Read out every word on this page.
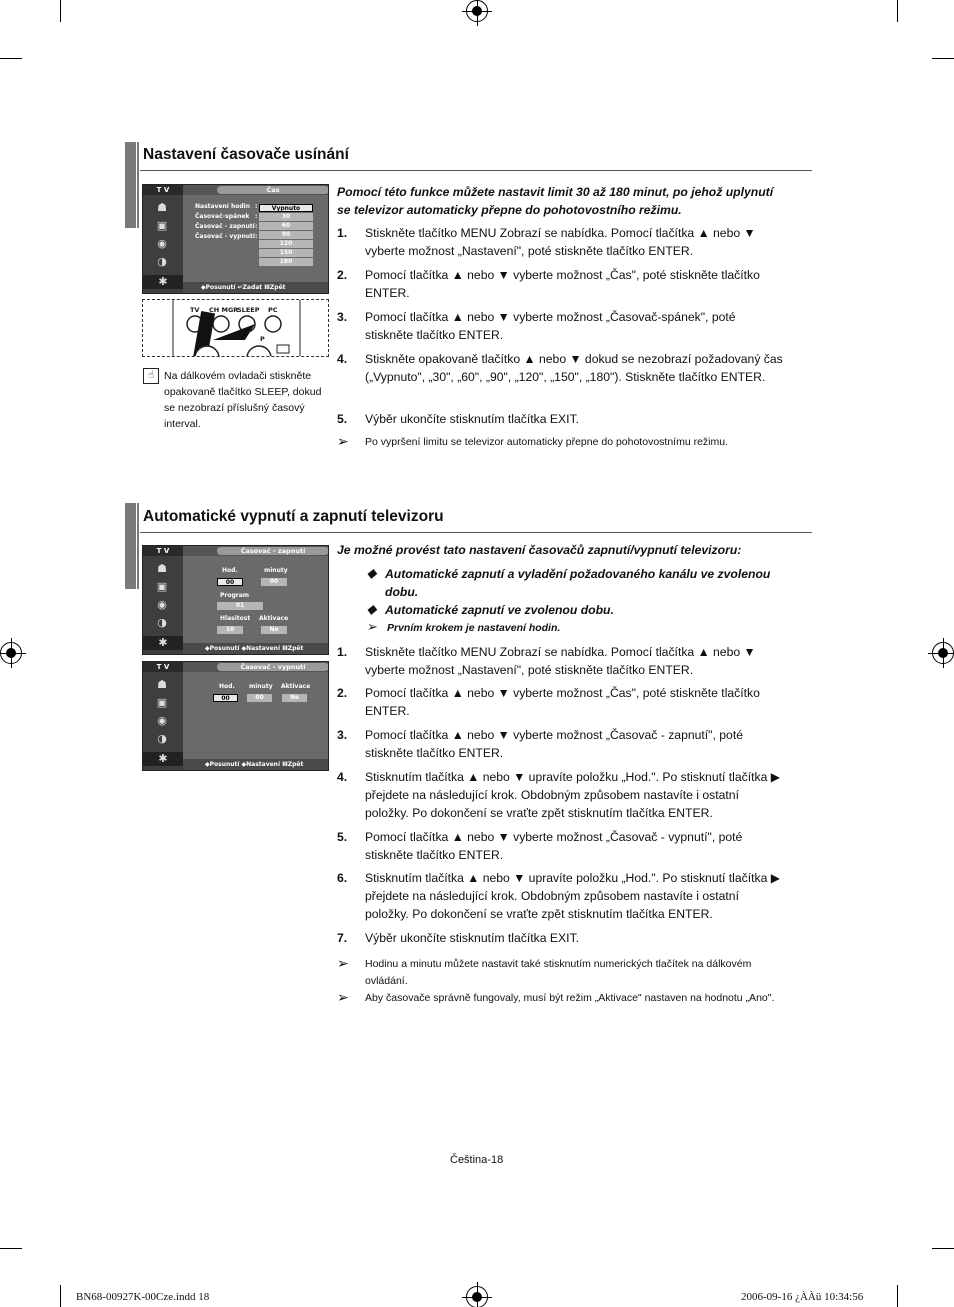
Nastavení časovače usínání
T V
☗
▣
◉
◑
✱
Čas
Nastavení hodin
Časovač-spánek
Časovač - zapnutí
Časovač - vypnutí
:
:
:
:
Vypnuto
30
60
90
120
150
180
◆Posunutí ↵Zadat ⅢZpět
TV CH MGR
SLEEP PC
P
☝ Na dálkovém ovladači stiskněte opakovaně tlačítko SLEEP, dokud se nezobrazí příslušný časový interval.
Pomocí této funkce můžete nastavit limit 30 až 180 minut, po jehož uplynutí se televizor automaticky přepne do pohotovostního režimu.
1. Stiskněte tlačítko MENU Zobrazí se nabídka. Pomocí tlačítka ▲ nebo ▼ vyberte možnost „Nastavení", poté stiskněte tlačítko ENTER.
2. Pomocí tlačítka ▲ nebo ▼ vyberte možnost „Čas", poté stiskněte tlačítko ENTER.
3. Pomocí tlačítka ▲ nebo ▼ vyberte možnost „Časovač-spánek", poté stiskněte tlačítko ENTER.
4. Stiskněte opakovaně tlačítko ▲ nebo ▼ dokud se nezobrazí požadovaný čas („Vypnuto", „30", „60", „90", „120", „150", „180"). Stiskněte tlačítko ENTER.
5. Výběr ukončíte stisknutím tlačítka EXIT.
➢ Po vypršení limitu se televizor automaticky přepne do pohotovostnímu režimu.
Automatické vypnutí a zapnutí televizoru
T V
☗
▣
◉
◑
✱
Časovač - zapnutí
Hod.	minuty
00	00
Program
01
Hlasitost Aktivace
10	Ne
◆Posunutí ◆Nastavení ⅢZpět
T V
☗
▣
◉
◑
✱
Časovač - vypnutí
Hod. minuty Aktivace
00	00	Ne
◆Posunutí ◆Nastavení ⅢZpět
Je možné provést tato nastavení časovačů zapnutí/vypnutí televizoru:
◆ Automatické zapnutí a vyladění požadovaného kanálu ve zvolenou dobu.
◆ Automatické zapnutí ve zvolenou dobu.
➢ Prvním krokem je nastavení hodin.
1. Stiskněte tlačítko MENU Zobrazí se nabídka. Pomocí tlačítka ▲ nebo ▼ vyberte možnost „Nastavení", poté stiskněte tlačítko ENTER.
2. Pomocí tlačítka ▲ nebo ▼ vyberte možnost „Čas", poté stiskněte tlačítko ENTER.
3. Pomocí tlačítka ▲ nebo ▼ vyberte možnost „Časovač - zapnutí", poté stiskněte tlačítko ENTER.
4. Stisknutím tlačítka ▲ nebo ▼ upravíte položku „Hod.". Po stisknutí tlačítka ▶ přejdete na následující krok. Obdobným způsobem nastavíte i ostatní položky. Po dokončení se vraťte zpět stisknutím tlačítka ENTER.
5. Pomocí tlačítka ▲ nebo ▼ vyberte možnost „Časovač - vypnutí", poté stiskněte tlačítko ENTER.
6. Stisknutím tlačítka ▲ nebo ▼ upravíte položku „Hod.". Po stisknutí tlačítka ▶ přejdete na následující krok. Obdobným způsobem nastavíte i ostatní položky. Po dokončení se vraťte zpět stisknutím tlačítka ENTER.
7. Výběr ukončíte stisknutím tlačítka EXIT.
➢ Hodinu a minutu můžete nastavit také stisknutím numerických tlačítek na dálkovém ovládání.
➢ Aby časovače správně fungovaly, musí být režim „Aktivace" nastaven na hodnotu „Ano".
Čeština-18
BN68-00927K-00Cze.indd 18	2006-09-16 ¿ÀÀü 10:34:56
